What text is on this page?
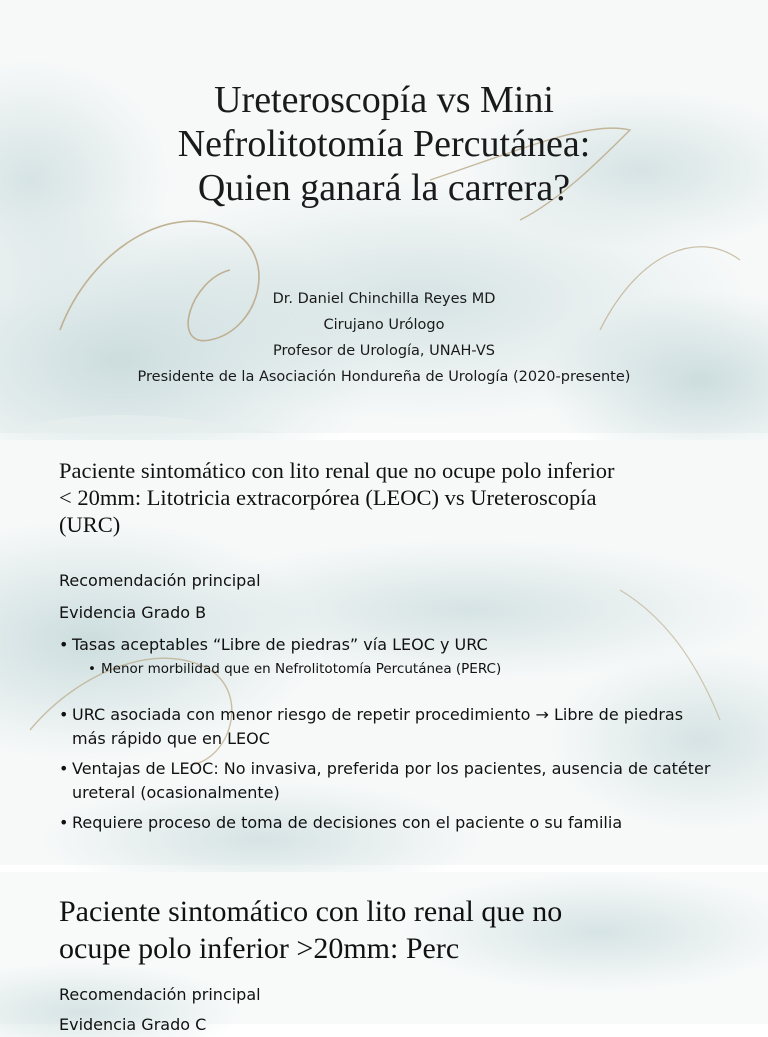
Ureteroscopía vs Mini
Nefrolitotomía Percutánea:
Quien ganará la carrera?
Dr. Daniel Chinchilla Reyes MD
Cirujano Urólogo
Profesor de Urología, UNAH-VS
Presidente de la Asociación Hondureña de Urología (2020-presente)
Paciente sintomático con lito renal que no ocupe polo inferior
< 20mm: Litotricia extracorpórea (LEOC) vs Ureteroscopía
(URC)
Recomendación principal
Evidencia Grado B
• Tasas aceptables “Libre de piedras” vía LEOC y URC
• Menor morbilidad que en Nefrolitotomía Percutánea (PERC)
• URC asociada con menor riesgo de repetir procedimiento → Libre de piedras más rápido que en LEOC
• Ventajas de LEOC: No invasiva, preferida por los pacientes, ausencia de catéter ureteral (ocasionalmente)
• Requiere proceso de toma de decisiones con el paciente o su familia
Paciente sintomático con lito renal que no
ocupe polo inferior >20mm: Perc
Recomendación principal
Evidencia Grado C
